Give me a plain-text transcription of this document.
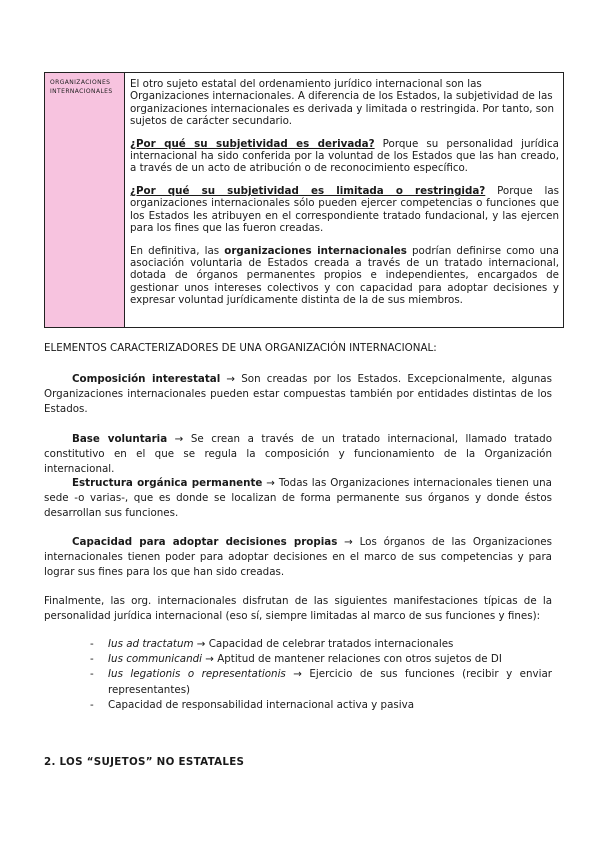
ORGANIZACIONES
INTERNACIONALES

El otro sujeto estatal del ordenamiento jurídico internacional son las Organizaciones internacionales. A diferencia de los Estados, la subjetividad de las organizaciones internacionales es derivada y limitada o restringida. Por tanto, son sujetos de carácter secundario.

¿Por qué su subjetividad es derivada? Porque su personalidad jurídica internacional ha sido conferida por la voluntad de los Estados que las han creado, a través de un acto de atribución o de reconocimiento específico.

¿Por qué su subjetividad es limitada o restringida? Porque las organizaciones internacionales sólo pueden ejercer competencias o funciones que los Estados les atribuyen en el correspondiente tratado fundacional, y las ejercen para los fines que las fueron creadas.

En definitiva, las organizaciones internacionales podrían definirse como una asociación voluntaria de Estados creada a través de un tratado internacional, dotada de órganos permanentes propios e independientes, encargados de gestionar unos intereses colectivos y con capacidad para adoptar decisiones y expresar voluntad jurídicamente distinta de la de sus miembros.

ELEMENTOS CARACTERIZADORES DE UNA ORGANIZACIÓN INTERNACIONAL:

Composición interestatal → Son creadas por los Estados. Excepcionalmente, algunas Organizaciones internacionales pueden estar compuestas también por entidades distintas de los Estados.

Base voluntaria → Se crean a través de un tratado internacional, llamado tratado constitutivo en el que se regula la composición y funcionamiento de la Organización internacional.

Estructura orgánica permanente → Todas las Organizaciones internacionales tienen una sede -o varias-, que es donde se localizan de forma permanente sus órganos y donde éstos desarrollan sus funciones.

Capacidad para adoptar decisiones propias → Los órganos de las Organizaciones internacionales tienen poder para adoptar decisiones en el marco de sus competencias y para lograr sus fines para los que han sido creadas.

Finalmente, las org. internacionales disfrutan de las siguientes manifestaciones típicas de la personalidad jurídica internacional (eso sí, siempre limitadas al marco de sus funciones y fines):

- Ius ad tractatum → Capacidad de celebrar tratados internacionales
- Ius communicandi → Aptitud de mantener relaciones con otros sujetos de DI
- Ius legationis o representationis → Ejercicio de sus funciones (recibir y enviar representantes)
- Capacidad de responsabilidad internacional activa y pasiva
2. LOS “SUJETOS” NO ESTATALES
